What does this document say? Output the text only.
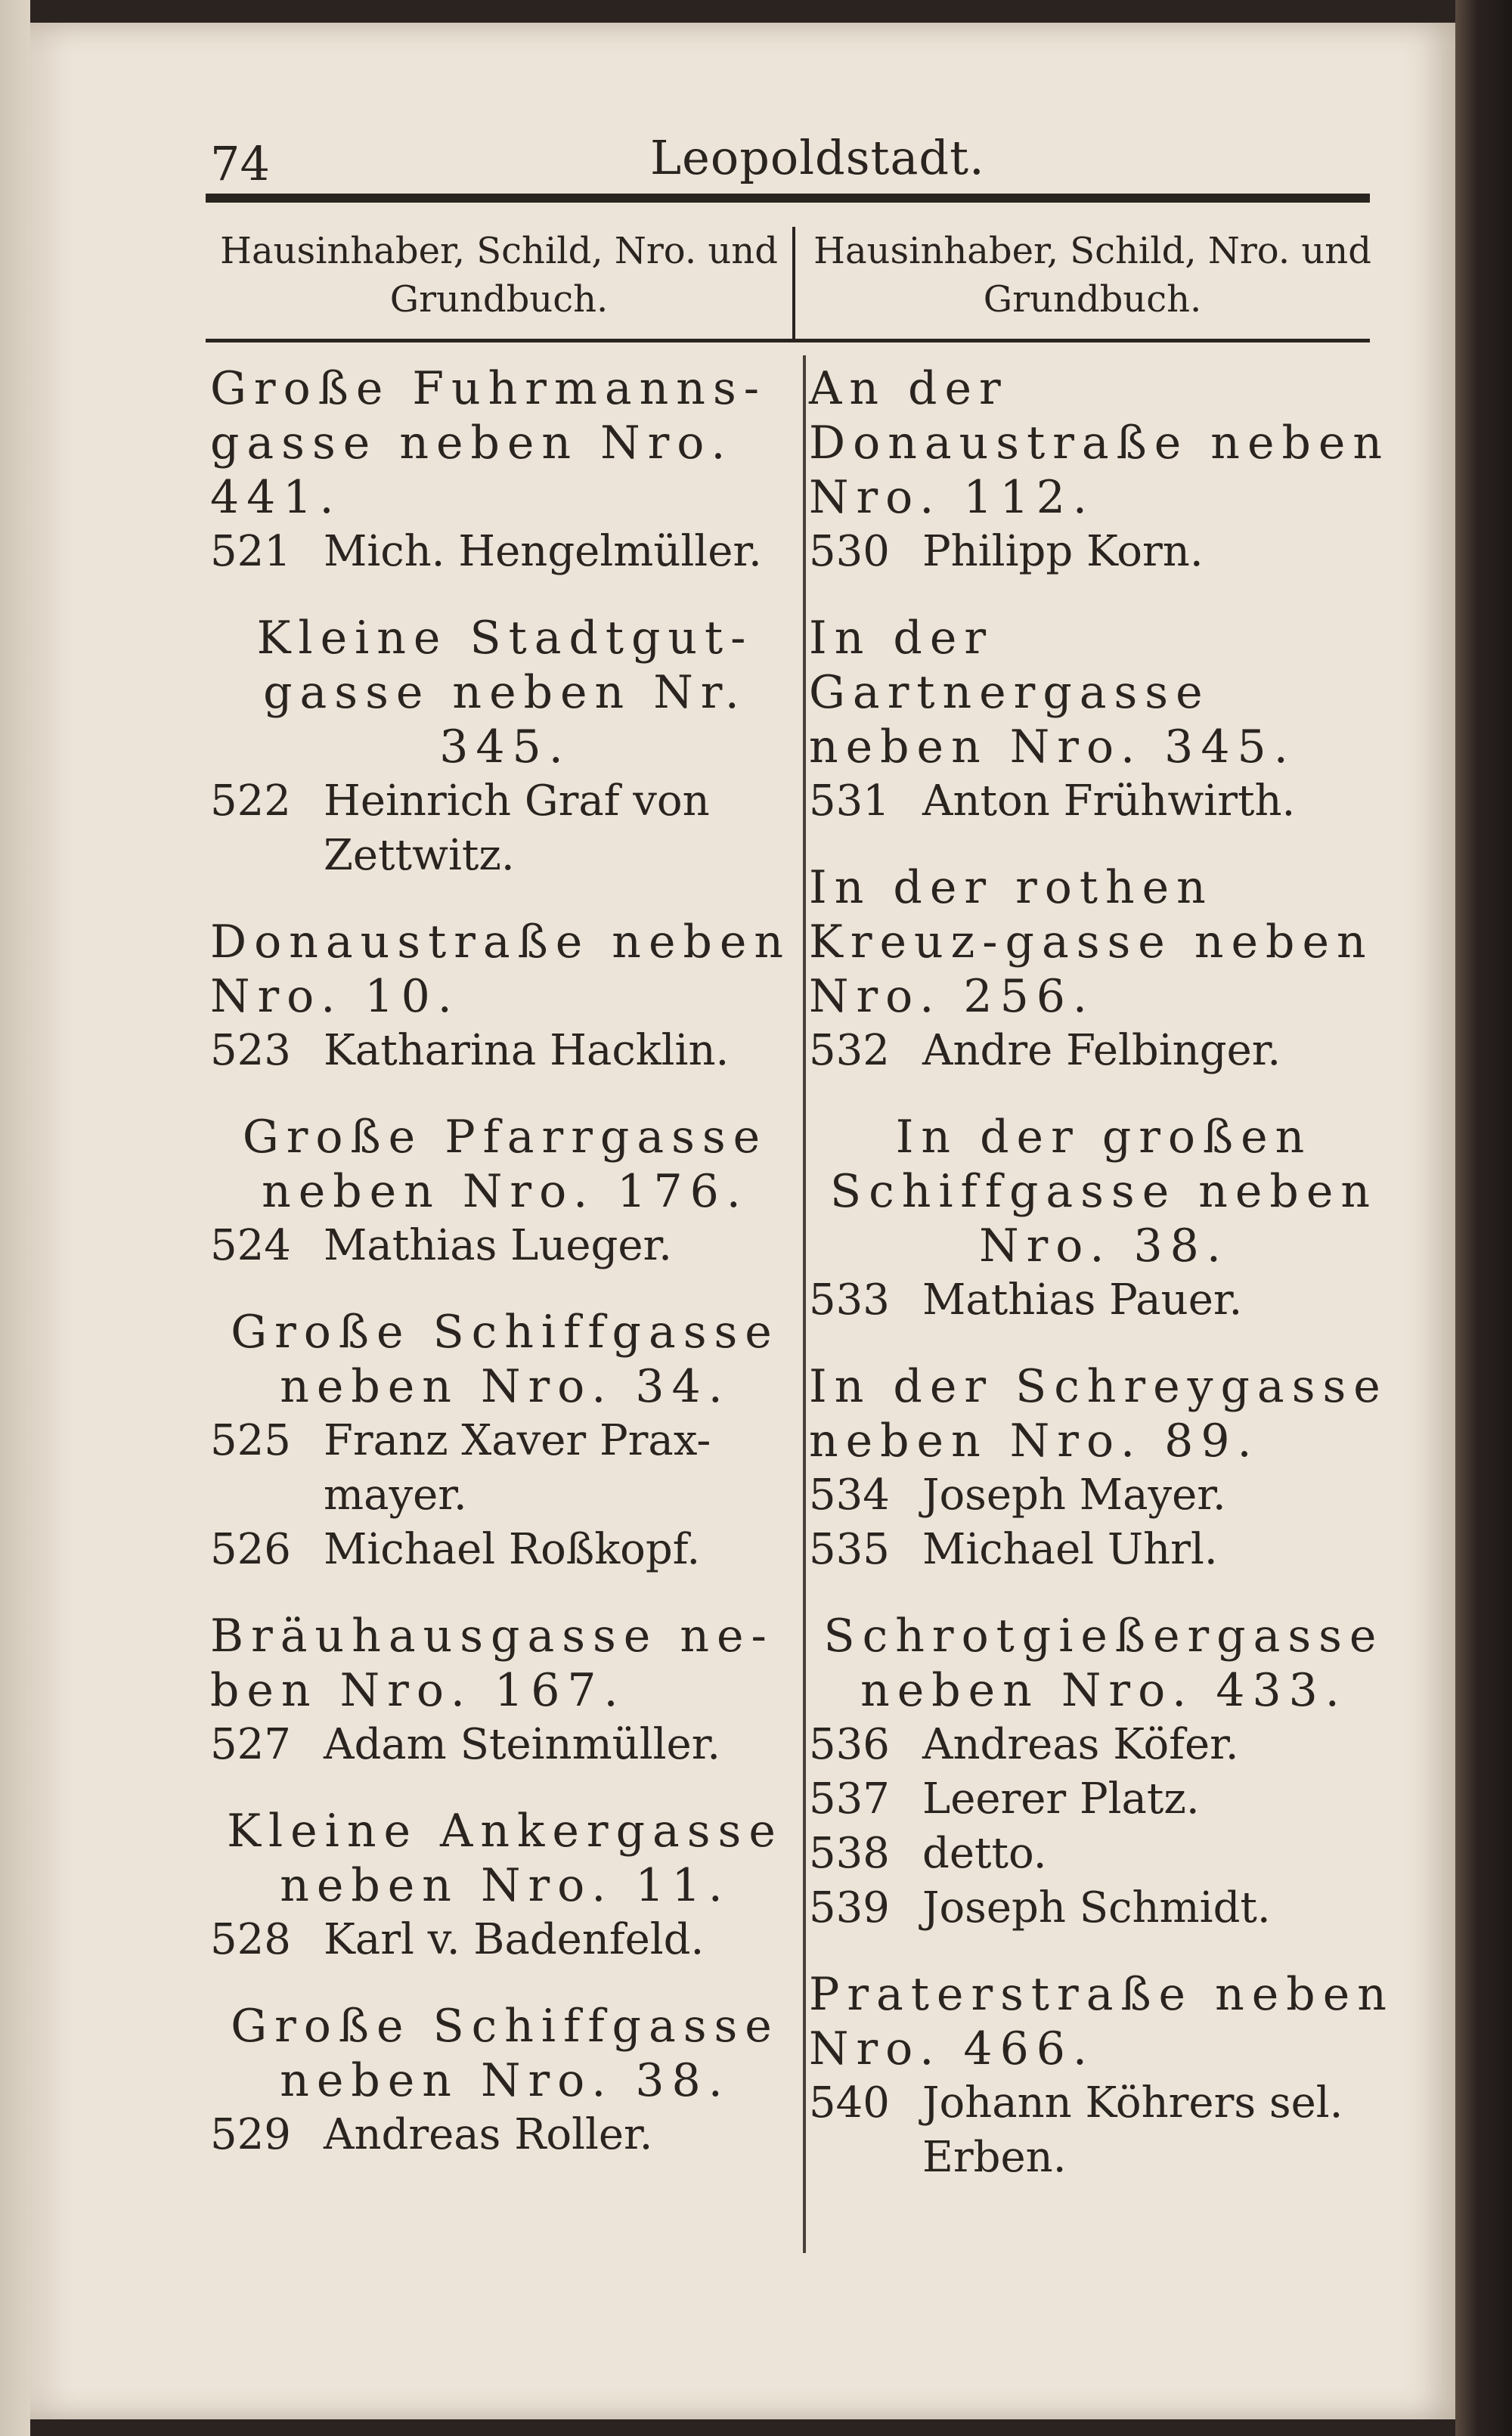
74	Leopoldstadt.
Hausinhaber, Schild, Nro. und Grundbuch.
Hausinhaber, Schild, Nro. und Grundbuch.
Große Fuhrmanns-gasse neben Nro. 441.
521 Mich. Hengelmüller.
Kleine Stadtgut-gasse neben Nr. 345.
522 Heinrich Graf von Zettwitz.
Donaustraße neben Nro. 10.
523 Katharina Hacklin.
Große Pfarrgasse neben Nro. 176.
524 Mathias Lueger.
Große Schiffgasse neben Nro. 34.
525 Franz Xaver Prax-mayer.
526 Michael Roßkopf.
Bräuhausgasse ne-ben Nro. 167.
527 Adam Steinmüller.
Kleine Ankergasse neben Nro. 11.
528 Karl v. Badenfeld.
Große Schiffgasse neben Nro. 38.
529 Andreas Roller.
An der Donaustraße neben Nro. 112.
530 Philipp Korn.
In der Gartnergasse neben Nro. 345.
531 Anton Frühwirth.
In der rothen Kreuz-gasse neben Nro. 256.
532 Andre Felbinger.
In der großen Schiffgasse neben Nro. 38.
533 Mathias Pauer.
In der Schreygasse neben Nro. 89.
534 Joseph Mayer.
535 Michael Uhrl.
Schrotgießergasse neben Nro. 433.
536 Andreas Köfer.
537 Leerer Platz.
538 detto.
539 Joseph Schmidt.
Praterstraße neben Nro. 466.
540 Johann Köhrers sel. Erben.
